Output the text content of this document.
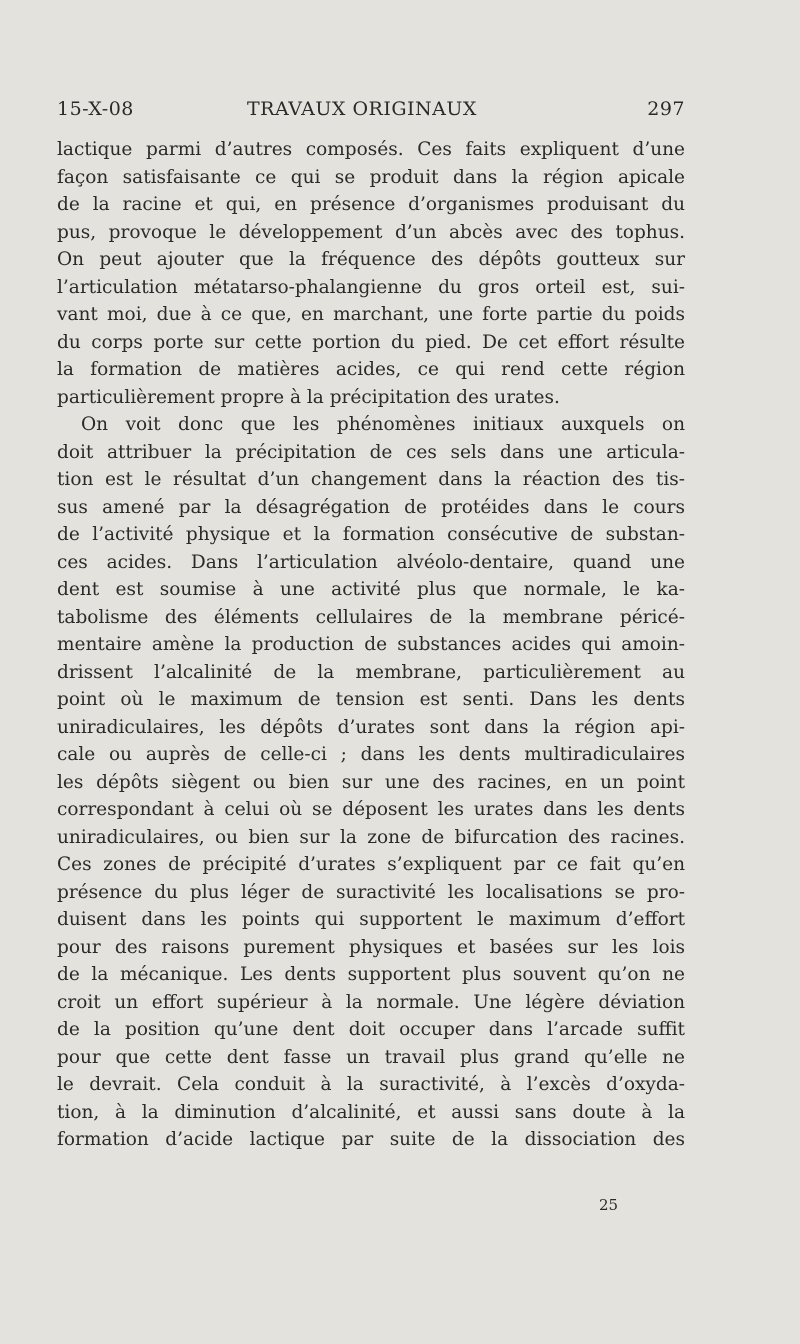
15-X-08	TRAVAUX ORIGINAUX	297
lactique parmi d’autres composés. Ces faits expliquent d’une
façon satisfaisante ce qui se produit dans la région apicale
de la racine et qui, en présence d’organismes produisant du
pus, provoque le développement d’un abcès avec des tophus.
On peut ajouter que la fréquence des dépôts goutteux sur
l’articulation métatarso-phalangienne du gros orteil est, sui-
vant moi, due à ce que, en marchant, une forte partie du poids
du corps porte sur cette portion du pied. De cet effort résulte
la formation de matières acides, ce qui rend cette région
particulièrement propre à la précipitation des urates.
On voit donc que les phénomènes initiaux auxquels on
doit attribuer la précipitation de ces sels dans une articula-
tion est le résultat d’un changement dans la réaction des tis-
sus amené par la désagrégation de protéides dans le cours
de l’activité physique et la formation consécutive de substan-
ces acides. Dans l’articulation alvéolo-dentaire, quand une
dent est soumise à une activité plus que normale, le ka-
tabolisme des éléments cellulaires de la membrane péricé-
mentaire amène la production de substances acides qui amoin-
drissent l’alcalinité de la membrane, particulièrement au
point où le maximum de tension est senti. Dans les dents
uniradiculaires, les dépôts d’urates sont dans la région api-
cale ou auprès de celle-ci ; dans les dents multiradiculaires
les dépôts siègent ou bien sur une des racines, en un point
correspondant à celui où se déposent les urates dans les dents
uniradiculaires, ou bien sur la zone de bifurcation des racines.
Ces zones de précipité d’urates s’expliquent par ce fait qu’en
présence du plus léger de suractivité les localisations se pro-
duisent dans les points qui supportent le maximum d’effort
pour des raisons purement physiques et basées sur les lois
de la mécanique. Les dents supportent plus souvent qu’on ne
croit un effort supérieur à la normale. Une légère déviation
de la position qu’une dent doit occuper dans l’arcade suffit
pour que cette dent fasse un travail plus grand qu’elle ne
le devrait. Cela conduit à la suractivité, à l’excès d’oxyda-
tion, à la diminution d’alcalinité, et aussi sans doute à la
formation d’acide lactique par suite de la dissociation des
25
